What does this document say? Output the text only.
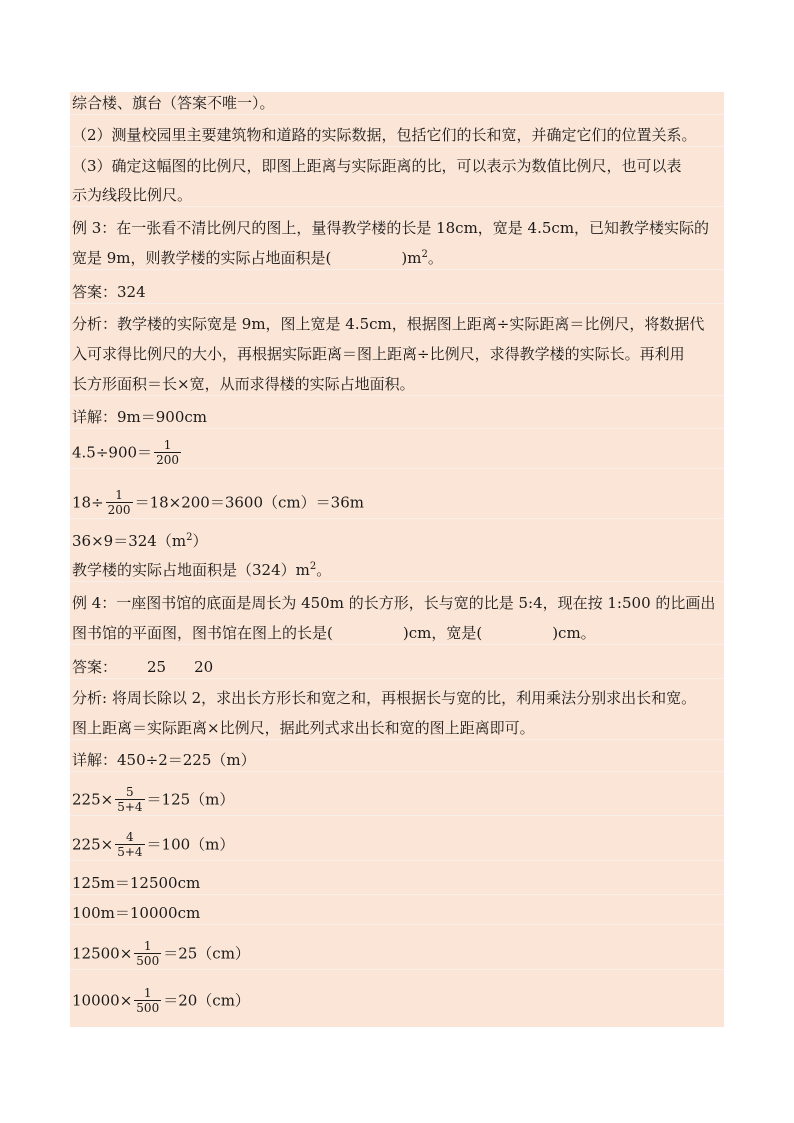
综合楼、旗台（答案不唯一）。
（2）测量校园里主要建筑物和道路的实际数据，包括它们的长和宽，并确定它们的位置关系。
（3）确定这幅图的比例尺，即图上距离与实际距离的比，可以表示为数值比例尺，也可以表
示为线段比例尺。
例 3：在一张看不清比例尺的图上，量得教学楼的长是 18cm，宽是 4.5cm，已知教学楼实际的
宽是 9m，则教学楼的实际占地面积是(	)$m^2$。
答案：324
分析：教学楼的实际宽是 9m，图上宽是 4.5cm，根据图上距离÷实际距离＝比例尺，将数据代
入可求得比例尺的大小，再根据实际距离＝图上距离÷比例尺，求得教学楼的实际长。再利用
长方形面积＝长×宽，从而求得楼的实际占地面积。
详解：9m＝900cm
$4.5\div 900= \frac{1}{200}$
$18\div \frac{1}{200} =18\times 200=3600(cm)=36m$
$36\times 9=324(m^2)$
教学楼的实际占地面积是$(324)m^2$。
例 4：一座图书馆的底面是周长为 450m 的长方形，长与宽的比是 5:4，现在按 1:500 的比画出
图书馆的平面图，图书馆在图上的长是(	)cm，宽是(	)cm。
答案： 25 20
分析: 将周长除以 2，求出长方形长和宽之和，再根据长与宽的比，利用乘法分别求出长和宽。
图上距离＝实际距离×比例尺，据此列式求出长和宽的图上距离即可。
详解：450÷2＝225（m）
$225\times \frac{5}{5+4} =125(m)$
$225\times \frac{4}{5+4} =100(m)$
125m＝12500cm
100m＝10000cm
$12500\times \frac{1}{500} =25(cm)$
$10000\times \frac{1}{500} =20(cm)$
